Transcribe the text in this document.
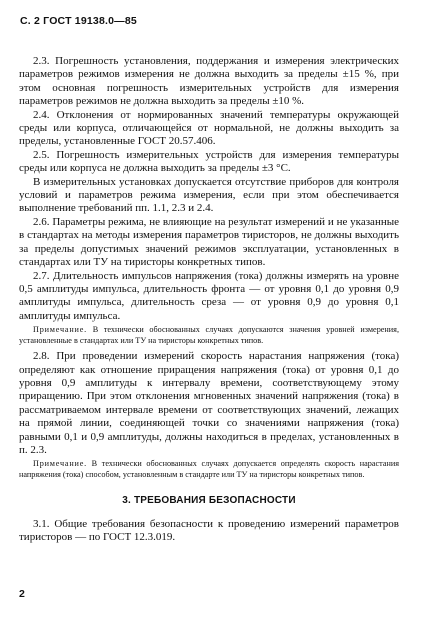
С. 2 ГОСТ 19138.0—85

2.3. Погрешность установления, поддержания и измерения электрических параметров режимов измерения не должна выходить за пределы ±15 %, при этом основная погрешность измерительных устройств для измерения параметров режимов не должна выходить за пределы ±10 %.

2.4. Отклонения от нормированных значений температуры окружающей среды или корпуса, отличающейся от нормальной, не должны выходить за пределы, установленные ГОСТ 20.57.406.

2.5. Погрешность измерительных устройств для измерения температуры среды или корпуса не должна выходить за пределы ±3 °С.

В измерительных установках допускается отсутствие приборов для контроля условий и параметров режима измерения, если при этом обеспечивается выполнение требований пп. 1.1, 2.3 и 2.4.

2.6. Параметры режима, не влияющие на результат измерений и не указанные в стандартах на методы измерения параметров тиристоров, не должны выходить за пределы допустимых значений режимов эксплуатации, установленных в стандартах или ТУ на тиристоры конкретных типов.

2.7. Длительность импульсов напряжения (тока) должны измерять на уровне 0,5 амплитуды импульса, длительность фронта — от уровня 0,1 до уровня 0,9 амплитуды импульса, длительность среза — от уровня 0,9 до уровня 0,1 амплитуды импульса.

Примечание. В технически обоснованных случаях допускаются значения уровней измерения, установленные в стандартах или ТУ на тиристоры конкретных типов.

2.8. При проведении измерений скорость нарастания напряжения (тока) определяют как отношение приращения напряжения (тока) от уровня 0,1 до уровня 0,9 амплитуды к интервалу времени, соответствующему этому приращению. При этом отклонения мгновенных значений напряжения (тока) в рассматриваемом интервале времени от соответствующих значений, лежащих на прямой линии, соединяющей точки со значениями напряжения (тока) равными 0,1 и 0,9 амплитуды, должны находиться в пределах, установленных в п. 2.3.

Примечание. В технически обоснованных случаях допускается определять скорость нарастания напряжения (тока) способом, установленным в стандарте или ТУ на тиристоры конкретных типов.

3. ТРЕБОВАНИЯ БЕЗОПАСНОСТИ

3.1. Общие требования безопасности к проведению измерений параметров тиристоров — по ГОСТ 12.3.019.

2
